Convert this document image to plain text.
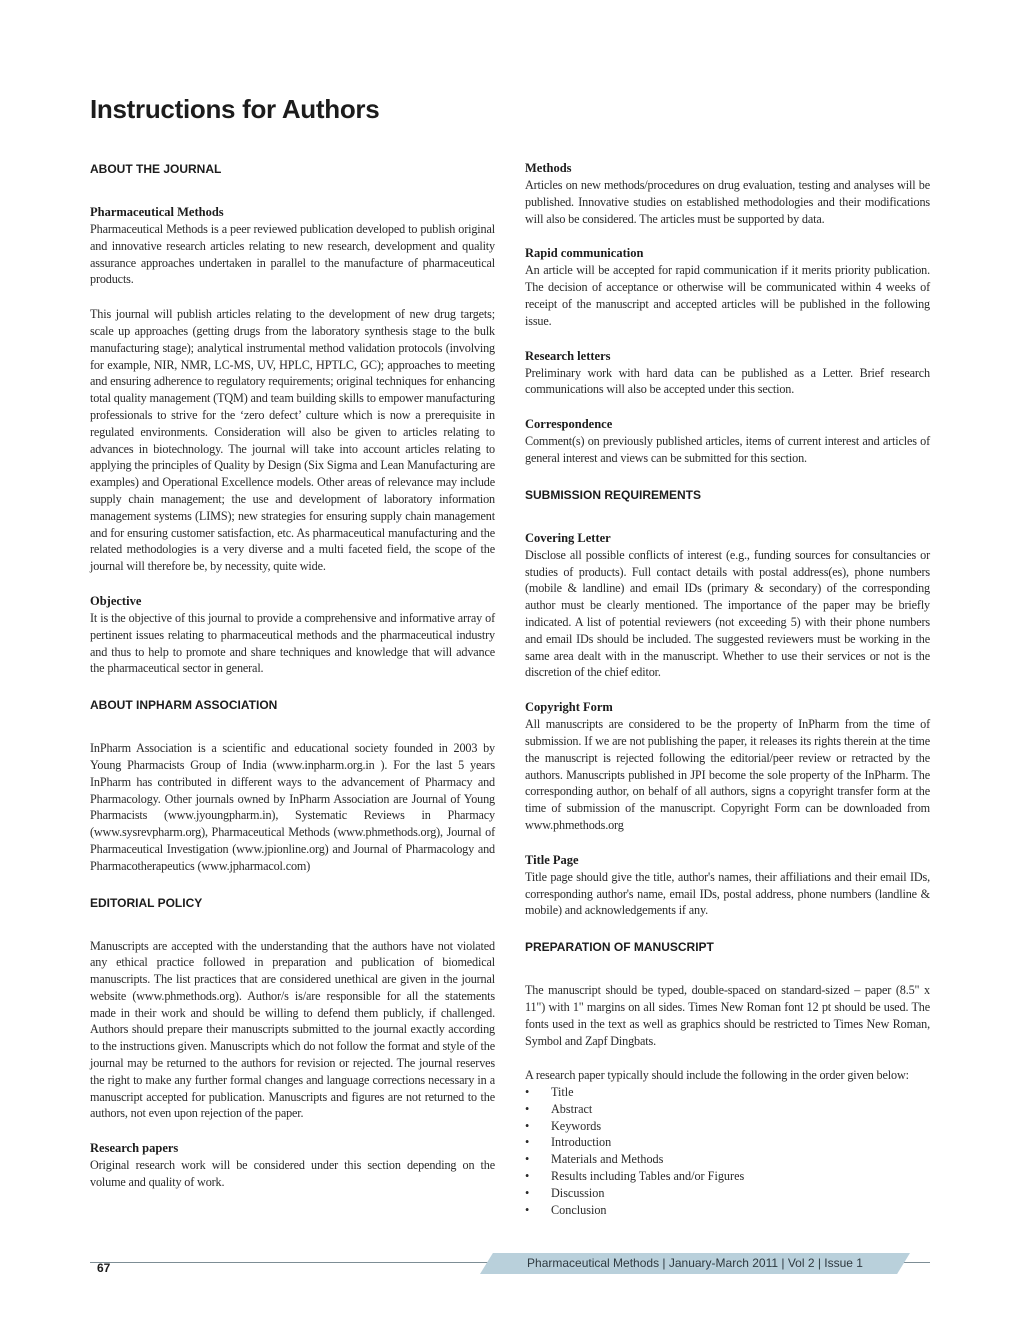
Instructions for Authors
ABOUT THE JOURNAL
Pharmaceutical Methods

Pharmaceutical Methods is a peer reviewed publication developed to publish original and innovative research articles relating to new research, development and quality assurance approaches undertaken in parallel to the manufacture of pharmaceutical products.

This journal will publish articles relating to the development of new drug targets; scale up approaches (getting drugs from the laboratory synthesis stage to the bulk manufacturing stage); analytical instrumental method validation protocols (involving for example, NIR, NMR, LC-MS, UV, HPLC, HPTLC, GC); approaches to meeting and ensuring adherence to regulatory requirements; original techniques for enhancing total quality management (TQM) and team building skills to empower manufacturing professionals to strive for the ‘zero defect’ culture which is now a prerequisite in regulated environments. Consideration will also be given to articles relating to advances in biotechnology. The journal will take into account articles relating to applying the principles of Quality by Design (Six Sigma and Lean Manufacturing are examples) and Operational Excellence models. Other areas of relevance may include supply chain management; the use and development of laboratory information management systems (LIMS); new strategies for ensuring supply chain management and for ensuring customer satisfaction, etc. As pharmaceutical manufacturing and the related methodologies is a very diverse and a multi faceted field, the scope of the journal will therefore be, by necessity, quite wide.

Objective

It is the objective of this journal to provide a comprehensive and informative array of pertinent issues relating to pharmaceutical methods and the pharmaceutical industry and thus to help to promote and share techniques and knowledge that will advance the pharmaceutical sector in general.

ABOUT INPHARM ASSOCIATION

InPharm Association is a scientific and educational society founded in 2003 by Young Pharmacists Group of India (www.inpharm.org.in ). For the last 5 years InPharm has contributed in different ways to the advancement of Pharmacy and Pharmacology. Other journals owned by InPharm Association are Journal of Young Pharmacists (www.jyoungpharm.in), Systematic Reviews in Pharmacy (www.sysrevpharm.org), Pharmaceutical Methods (www.phmethods.org), Journal of Pharmaceutical Investigation (www.jpionline.org) and Journal of Pharmacology and Pharmacotherapeutics (www.jpharmacol.com)

EDITORIAL POLICY

Manuscripts are accepted with the understanding that the authors have not violated any ethical practice followed in preparation and publication of biomedical manuscripts. The list practices that are considered unethical are given in the journal website (www.phmethods.org). Author/s is/are responsible for all the statements made in their work and should be willing to defend them publicly, if challenged. Authors should prepare their manuscripts submitted to the journal exactly according to the instructions given. Manuscripts which do not follow the format and style of the journal may be returned to the authors for revision or rejected. The journal reserves the right to make any further formal changes and language corrections necessary in a manuscript accepted for publication. Manuscripts and figures are not returned to the authors, not even upon rejection of the paper.

Research papers

Original research work will be considered under this section depending on the volume and quality of work.

Methods

Articles on new methods/procedures on drug evaluation, testing and analyses will be published. Innovative studies on established methodologies and their modifications will also be considered. The articles must be supported by data.

Rapid communication

An article will be accepted for rapid communication if it merits priority publication. The decision of acceptance or otherwise will be communicated within 4 weeks of receipt of the manuscript and accepted articles will be published in the following issue.

Research letters

Preliminary work with hard data can be published as a Letter. Brief research communications will also be accepted under this section.

Correspondence

Comment(s) on previously published articles, items of current interest and articles of general interest and views can be submitted for this section.

SUBMISSION REQUIREMENTS
Covering Letter

Disclose all possible conflicts of interest (e.g., funding sources for consultancies or studies of products). Full contact details with postal address(es), phone numbers (mobile & landline) and email IDs (primary & secondary) of the corresponding author must be clearly mentioned. The importance of the paper may be briefly indicated. A list of potential reviewers (not exceeding 5) with their phone numbers and email IDs should be included. The suggested reviewers must be working in the same area dealt with in the manuscript. Whether to use their services or not is the discretion of the chief editor.

Copyright Form

All manuscripts are considered to be the property of InPharm from the time of submission. If we are not publishing the paper, it releases its rights therein at the time the manuscript is rejected following the editorial/peer review or retracted by the authors. Manuscripts published in JPI become the sole property of the InPharm. The corresponding author, on behalf of all authors, signs a copyright transfer form at the time of submission of the manuscript. Copyright Form can be downloaded from www.phmethods.org

Title Page

Title page should give the title, author's names, their affiliations and their email IDs, corresponding author's name, email IDs, postal address, phone numbers (landline & mobile) and acknowledgements if any.

PREPARATION OF MANUSCRIPT

The manuscript should be typed, double-spaced on standard-sized – paper (8.5" x 11") with 1" margins on all sides. Times New Roman font 12 pt should be used. The fonts used in the text as well as graphics should be restricted to Times New Roman, Symbol and Zapf Dingbats.

A research paper typically should include the following in the order given below:

• Title
• Abstract
• Keywords
• Introduction
• Materials and Methods
• Results including Tables and/or Figures
• Discussion
• Conclusion
Pharmaceutical Methods | January-March 2011 | Vol 2 | Issue 1
67
